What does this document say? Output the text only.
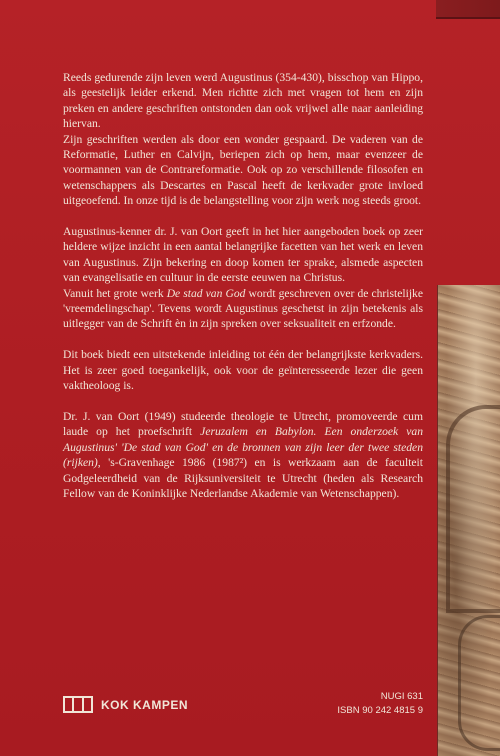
Reeds gedurende zijn leven werd Augustinus (354-430), bisschop van Hippo, als geestelijk leider erkend. Men richtte zich met vragen tot hem en zijn preken en andere geschriften ontstonden dan ook vrijwel alle naar aanleiding hiervan.

Zijn geschriften werden als door een wonder gespaard. De vaderen van de Reformatie, Luther en Calvijn, beriepen zich op hem, maar evenzeer de voormannen van de Contrareformatie. Ook op zo verschillende filosofen en wetenschappers als Descartes en Pascal heeft de kerkvader grote invloed uitgeoefend. In onze tijd is de belangstelling voor zijn werk nog steeds groot.

Augustinus-kenner dr. J. van Oort geeft in het hier aangeboden boek op zeer heldere wijze inzicht in een aantal belangrijke facetten van het werk en leven van Augustinus. Zijn bekering en doop komen ter sprake, alsmede aspecten van evangelisatie en cultuur in de eerste eeuwen na Christus.

Vanuit het grote werk De stad van God wordt geschreven over de christelijke 'vreemdelingschap'. Tevens wordt Augustinus geschetst in zijn betekenis als uitlegger van de Schrift èn in zijn spreken over seksualiteit en erfzonde.

Dit boek biedt een uitstekende inleiding tot één der belangrijkste kerkvaders. Het is zeer goed toegankelijk, ook voor de geïnteresseerde lezer die geen vaktheoloog is.

Dr. J. van Oort (1949) studeerde theologie te Utrecht, promoveerde cum laude op het proefschrift Jeruzalem en Babylon. Een onderzoek van Augustinus' 'De stad van God' en de bronnen van zijn leer der twee steden (rijken), 's-Gravenhage 1986 (1987²) en is werkzaam aan de faculteit Godgeleerdheid van de Rijksuniversiteit te Utrecht (heden als Research Fellow van de Koninklijke Nederlandse Akademie van Wetenschappen).

KOK KAMPEN
NUGI 631
ISBN 90 242 4815 9
